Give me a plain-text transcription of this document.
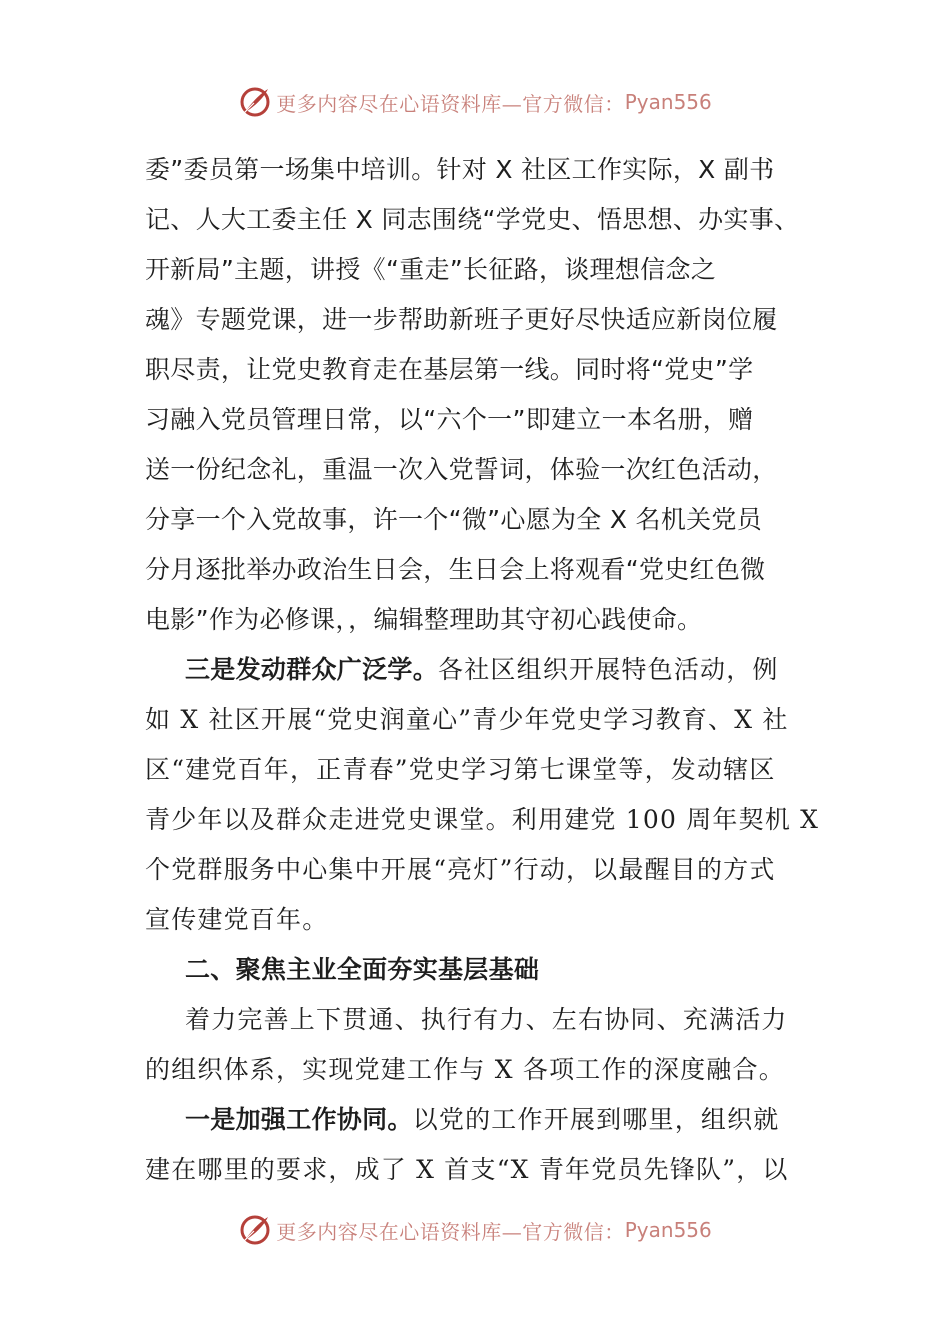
更多内容尽在心语资料库—官方微信： Pyan556
委”委员第一场集中培训。针对 X 社区工作实际，X 副书
记、人大工委主任 X 同志围绕“学党史、悟思想、办实事、
开新局”主题，讲授《“重走”长征路，谈理想信念之
魂》专题党课，进一步帮助新班子更好尽快适应新岗位履
职尽责，让党史教育走在基层第一线。同时将“党史”学
习融入党员管理日常，以“六个一”即建立一本名册，赠
送一份纪念礼，重温一次入党誓词，体验一次红色活动，
分享一个入党故事，许一个“微”心愿为全 X 名机关党员
分月逐批举办政治生日会，生日会上将观看“党史红色微
电影”作为必修课，，编辑整理助其守初心践使命。
三是发动群众广泛学。各社区组织开展特色活动，例
如 X 社区开展“党史润童心”青少年党史学习教育、X 社
区“建党百年，正青春”党史学习第七课堂等，发动辖区
青少年以及群众走进党史课堂。利用建党 100 周年契机 X
个党群服务中心集中开展“亮灯”行动，以最醒目的方式
宣传建党百年。
二、聚焦主业全面夯实基层基础
着力完善上下贯通、执行有力、左右协同、充满活力
的组织体系，实现党建工作与 X 各项工作的深度融合。
一是加强工作协同。以党的工作开展到哪里，组织就
建在哪里的要求，成了 X 首支“X 青年党员先锋队”，以
更多内容尽在心语资料库—官方微信： Pyan556
